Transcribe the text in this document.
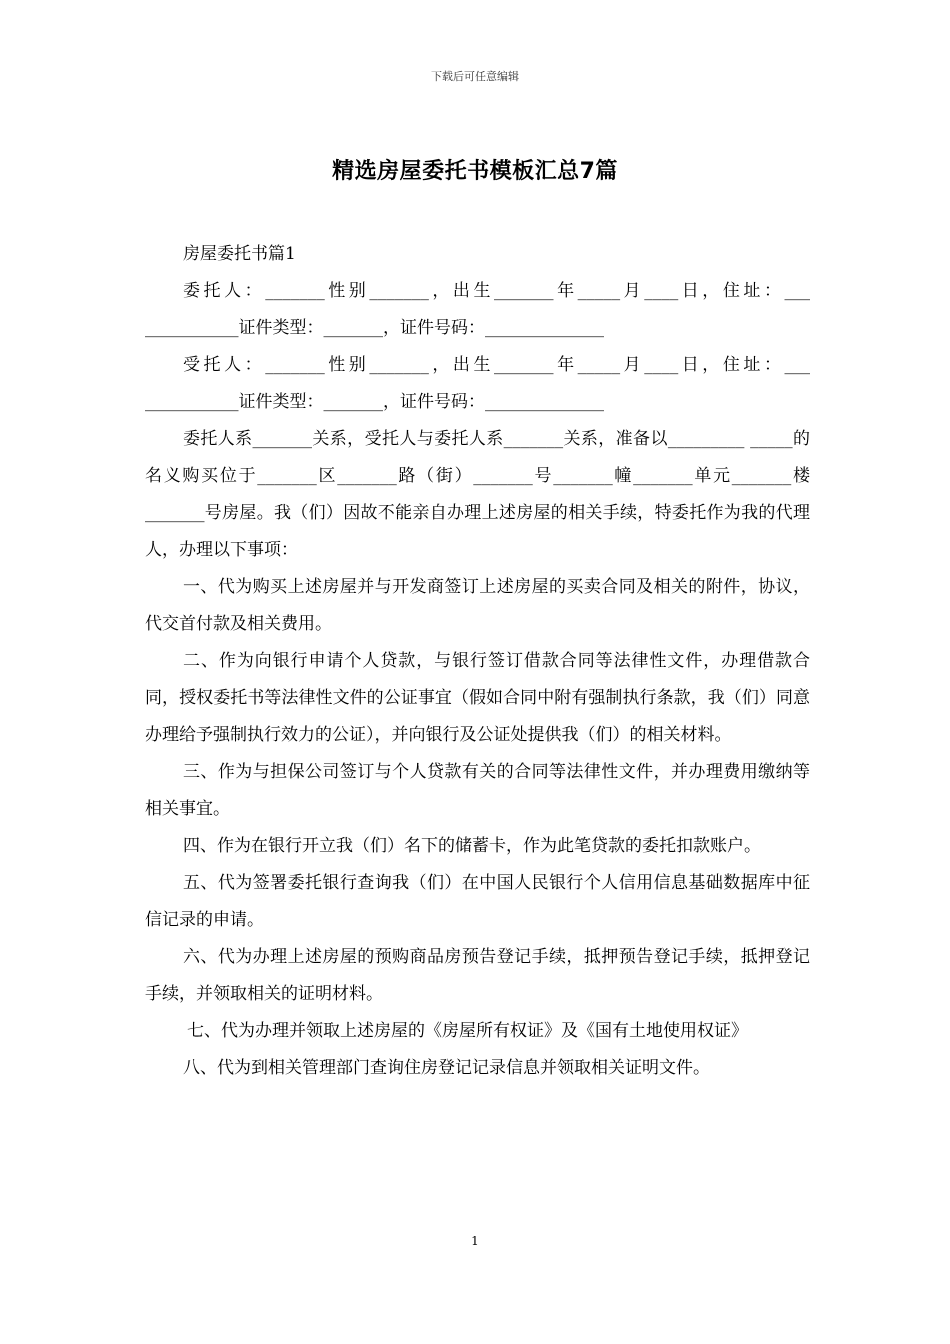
下载后可任意编辑
精选房屋委托书模板汇总7篇

房屋委托书篇1

委托人：_______性别_______，出生_______年_____月____日，住址：___ ___________证件类型：_______，证件号码：______________

受托人：_______性别_______，出生_______年_____月____日，住址：___ ___________证件类型：_______，证件号码：______________

委托人系_______关系，受托人与委托人系_______关系，准备以_________ _____的名义购买位于_______区_______路（街）_______号_______幢_______单元_______楼_______号房屋。我（们）因故不能亲自办理上述房屋的相关手续，特委托作为我的代理人，办理以下事项：

一、代为购买上述房屋并与开发商签订上述房屋的买卖合同及相关的附件，协议，代交首付款及相关费用。

二、作为向银行申请个人贷款，与银行签订借款合同等法律性文件，办理借款合同，授权委托书等法律性文件的公证事宜（假如合同中附有强制执行条款，我（们）同意办理给予强制执行效力的公证），并向银行及公证处提供我（们）的相关材料。

三、作为与担保公司签订与个人贷款有关的合同等法律性文件，并办理费用缴纳等相关事宜。

四、作为在银行开立我（们）名下的储蓄卡，作为此笔贷款的委托扣款账户。

五、代为签署委托银行查询我（们）在中国人民银行个人信用信息基础数据库中征信记录的申请。

六、代为办理上述房屋的预购商品房预告登记手续，抵押预告登记手续，抵押登记手续，并领取相关的证明材料。

七、代为办理并领取上述房屋的《房屋所有权证》及《国有土地使用权证》

八、代为到相关管理部门查询住房登记记录信息并领取相关证明文件。

1
